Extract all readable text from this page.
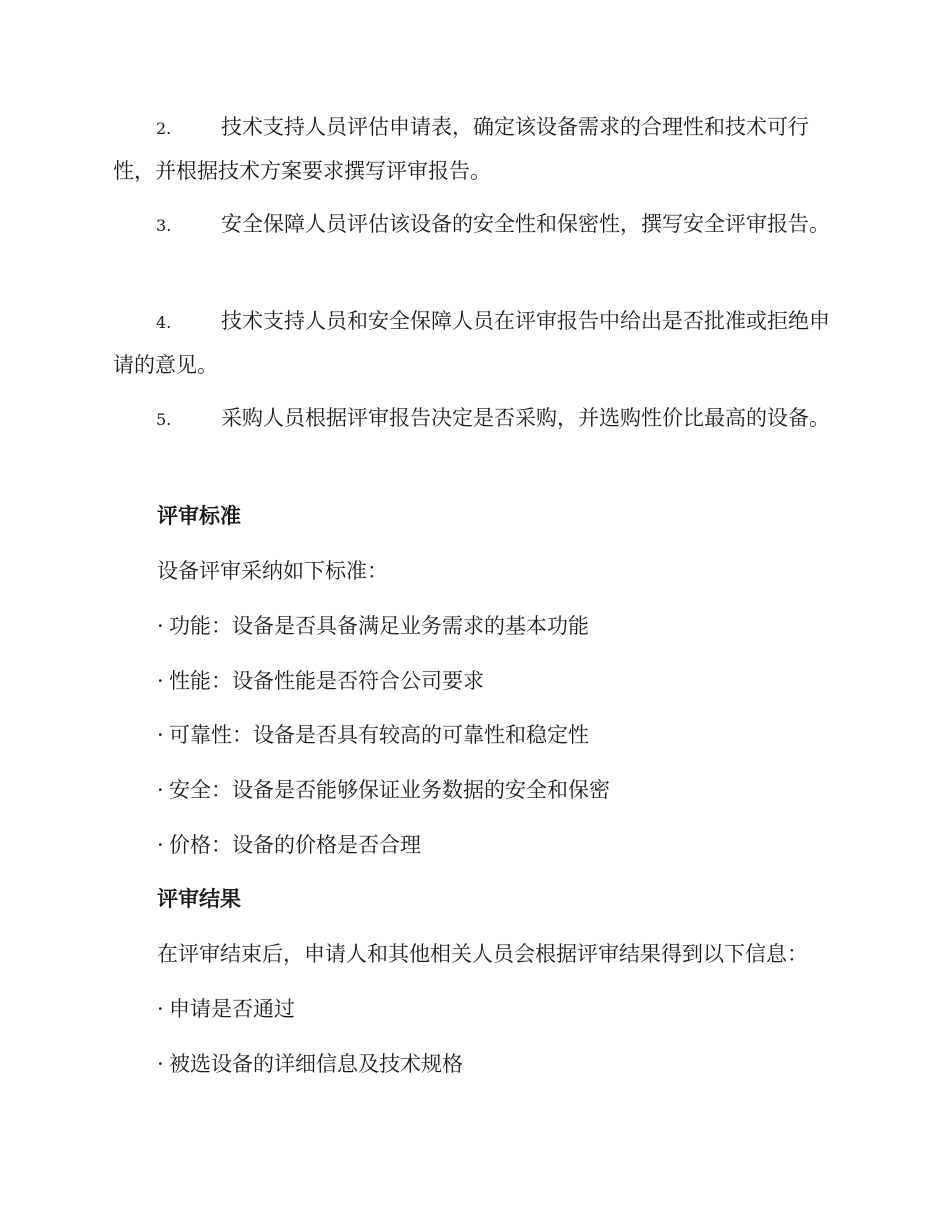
2. 技术支持人员评估申请表，确定该设备需求的合理性和技术可行性，并根据技术方案要求撰写评审报告。
3. 安全保障人员评估该设备的安全性和保密性，撰写安全评审报告。
4. 技术支持人员和安全保障人员在评审报告中给出是否批准或拒绝申请的意见。
5. 采购人员根据评审报告决定是否采购，并选购性价比最高的设备。
评审标准
设备评审采纳如下标准：
· 功能：设备是否具备满足业务需求的基本功能
· 性能：设备性能是否符合公司要求
· 可靠性：设备是否具有较高的可靠性和稳定性
· 安全：设备是否能够保证业务数据的安全和保密
· 价格：设备的价格是否合理
评审结果
在评审结束后，申请人和其他相关人员会根据评审结果得到以下信息：
· 申请是否通过
· 被选设备的详细信息及技术规格
